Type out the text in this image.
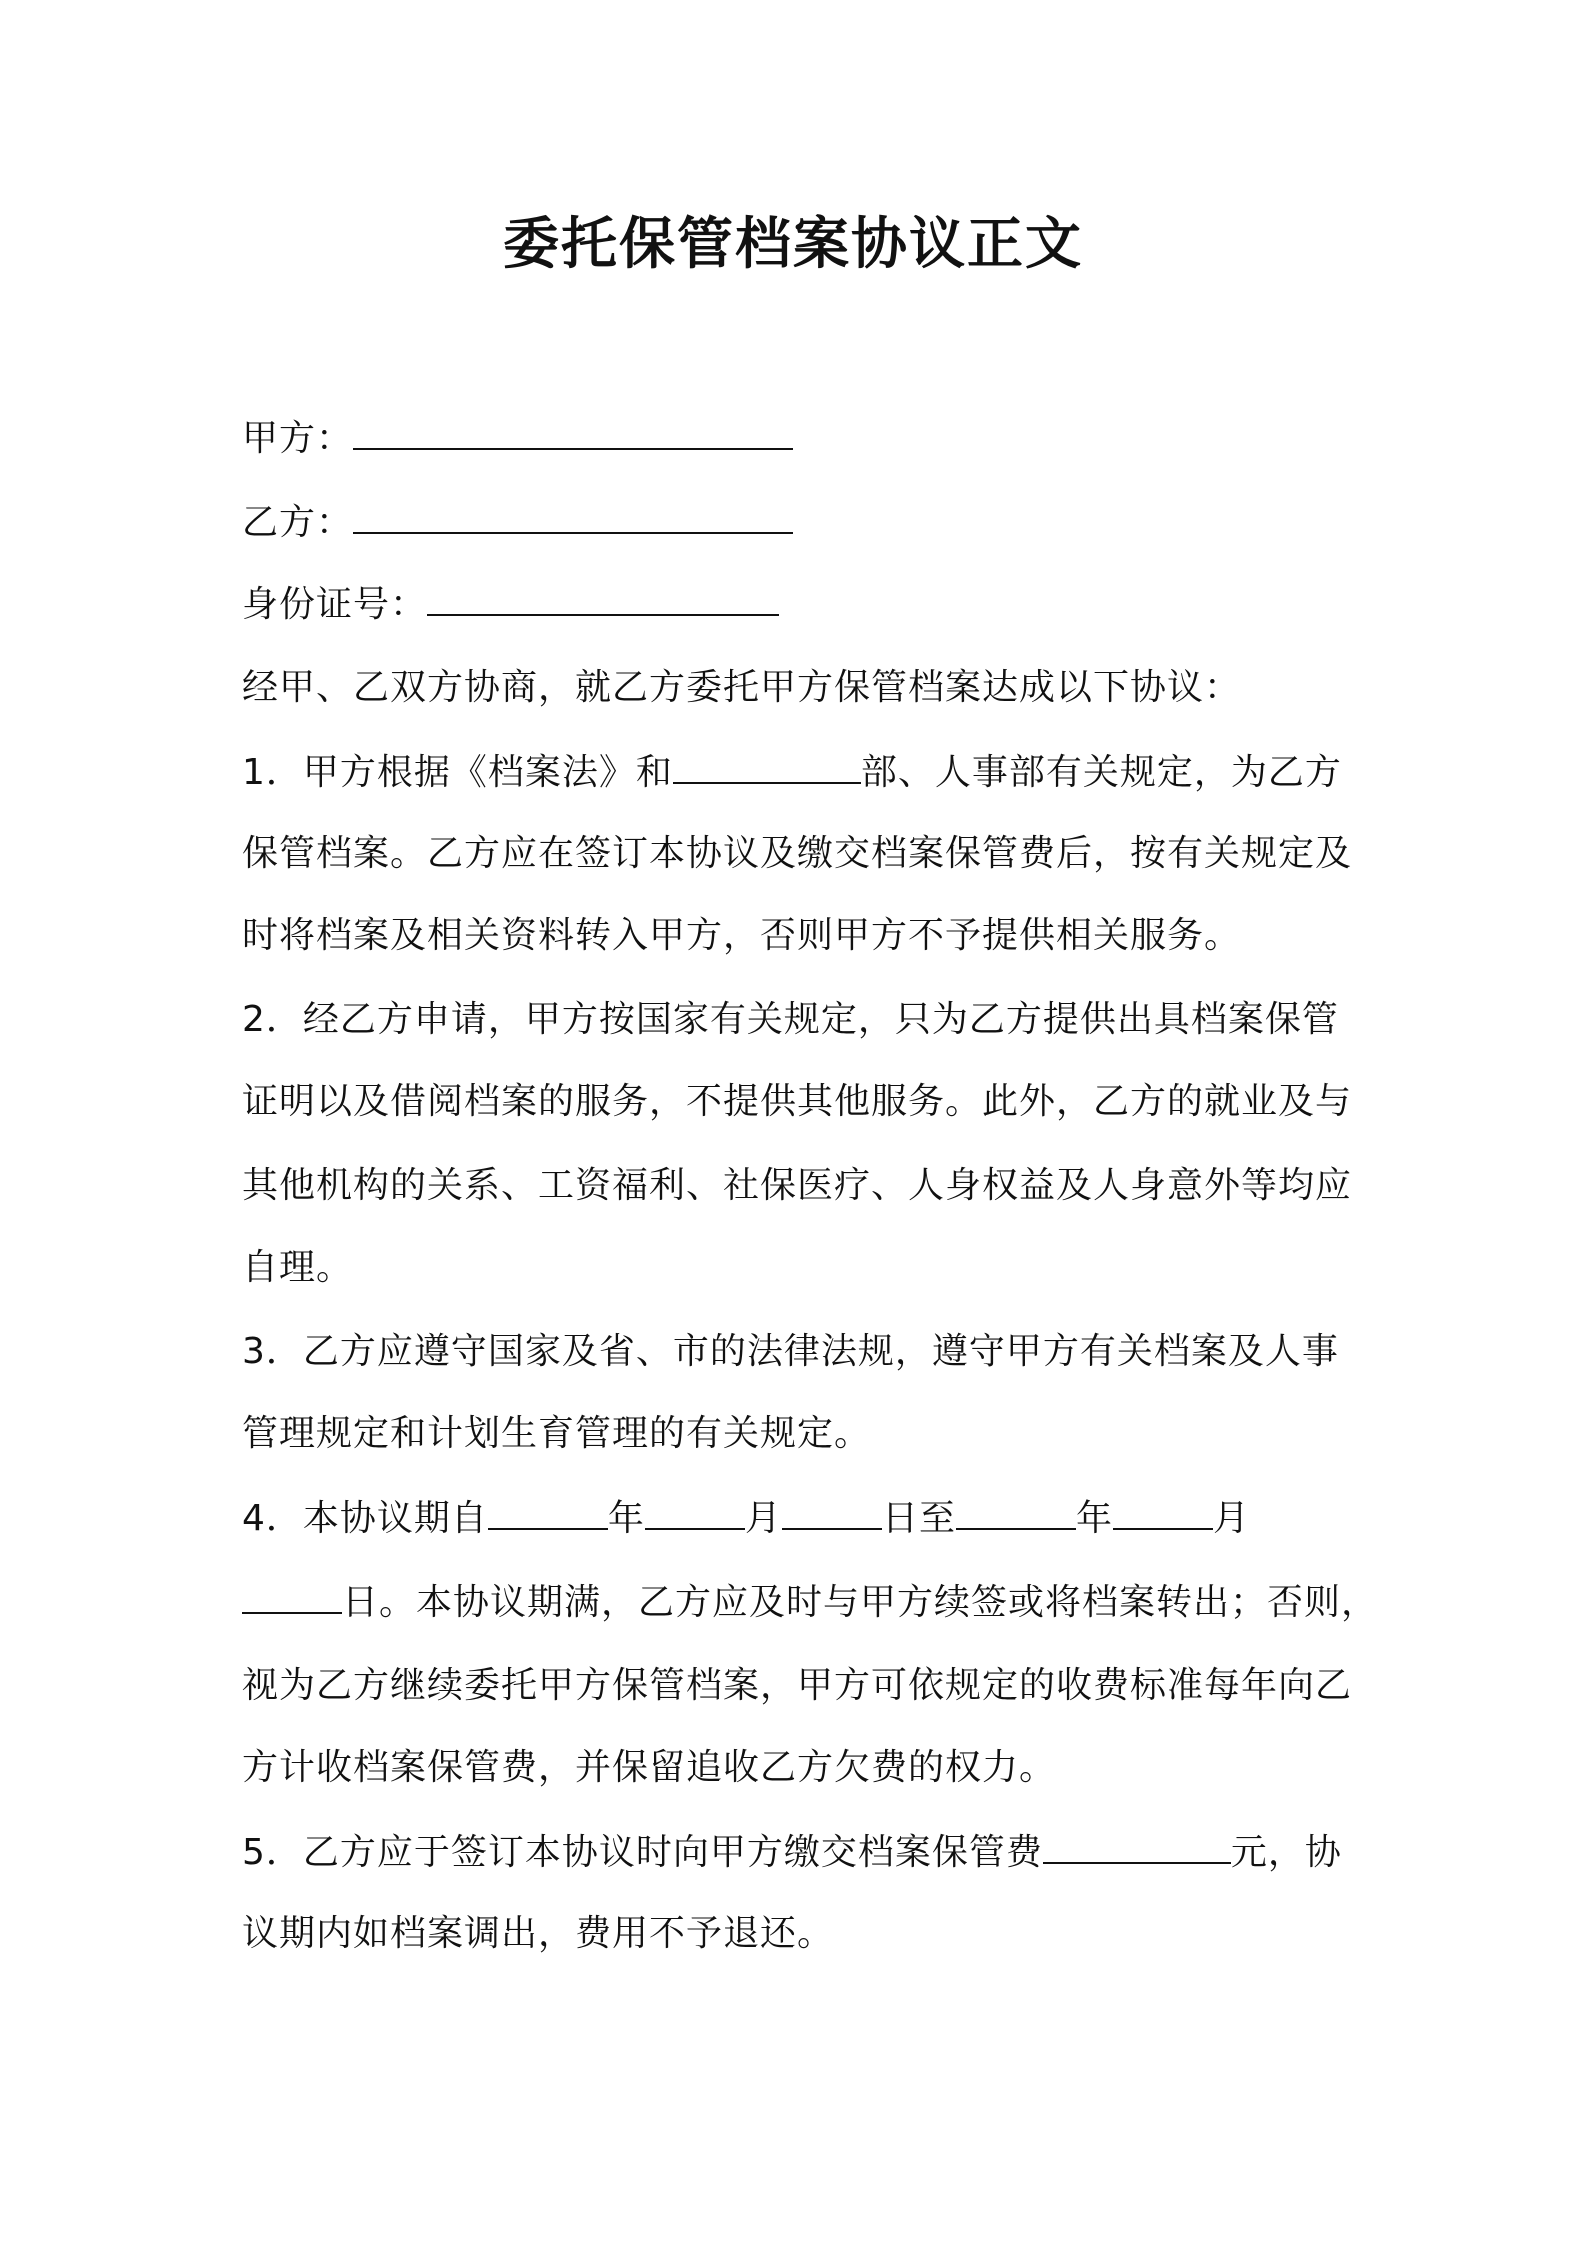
委托保管档案协议正文
甲方：
乙方：
身份证号：
经甲、乙双方协商，就乙方委托甲方保管档案达成以下协议：
1．甲方根据《档案法》和	部、人事部有关规定，为乙方
保管档案。乙方应在签订本协议及缴交档案保管费后，按有关规定及
时将档案及相关资料转入甲方，否则甲方不予提供相关服务。
2．经乙方申请，甲方按国家有关规定，只为乙方提供出具档案保管
证明以及借阅档案的服务，不提供其他服务。此外，乙方的就业及与
其他机构的关系、工资福利、社保医疗、人身权益及人身意外等均应
自理。
3．乙方应遵守国家及省、市的法律法规，遵守甲方有关档案及人事
管理规定和计划生育管理的有关规定。
4．本协议期自	年	月	日至	年	月
日。本协议期满，乙方应及时与甲方续签或将档案转出；否则，
视为乙方继续委托甲方保管档案，甲方可依规定的收费标准每年向乙
方计收档案保管费，并保留追收乙方欠费的权力。
5．乙方应于签订本协议时向甲方缴交档案保管费	元，协
议期内如档案调出，费用不予退还。
